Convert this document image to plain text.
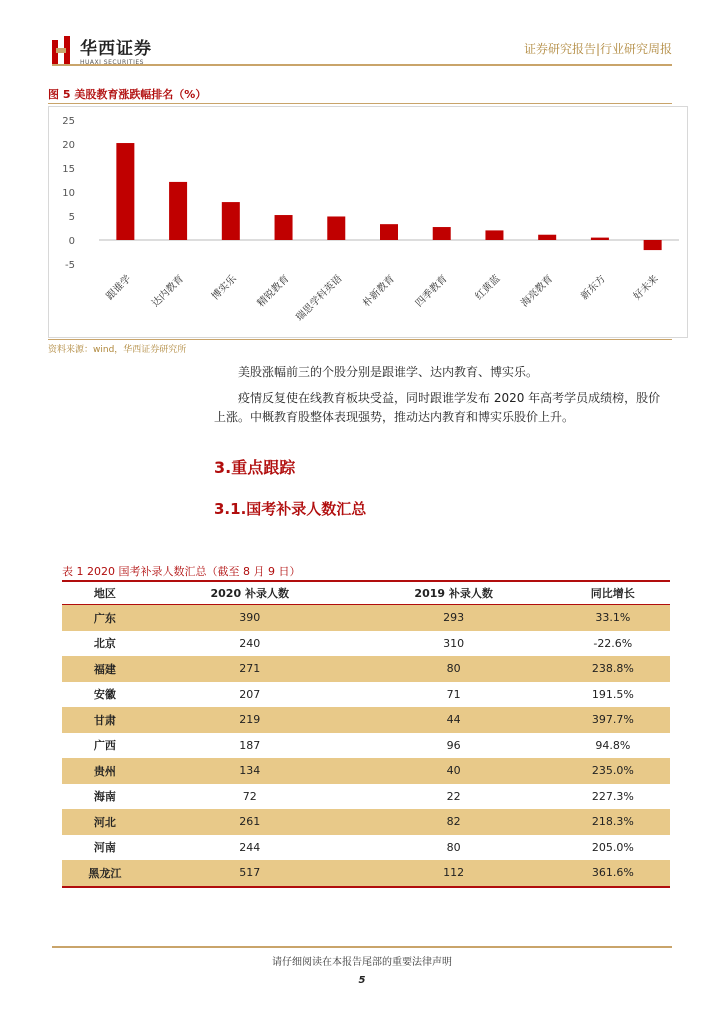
华西证券
HUAXI SECURITIES
证券研究报告|行业研究周报
图 5 美股教育涨跌幅排名（%）
25
20
15
10
5
0
-5
跟谁学 达内教育 博实乐 精锐教育 瑞思学科英语 朴新教育 四季教育 红黄蓝 海亮教育 新东方 好未来
资料来源：wind，华西证券研究所
美股涨幅前三的个股分别是跟谁学、达内教育、博实乐。
疫情反复使在线教育板块受益，同时跟谁学发布 2020 年高考学员成绩榜，股价
上涨。中概教育股整体表现强势，推动达内教育和博实乐股价上升。
3.重点跟踪
3.1.国考补录人数汇总
表 1 2020 国考补录人数汇总（截至 8 月 9 日）
地区	2020 补录人数	2019 补录人数	同比增长
广东	390	293	33.1%
北京	240	310	-22.6%
福建	271	80	238.8%
安徽	207	71	191.5%
甘肃	219	44	397.7%
广西	187	96	94.8%
贵州	134	40	235.0%
海南	72	22	227.3%
河北	261	82	218.3%
河南	244	80	205.0%
黑龙江	517	112	361.6%
请仔细阅读在本报告尾部的重要法律声明
5
